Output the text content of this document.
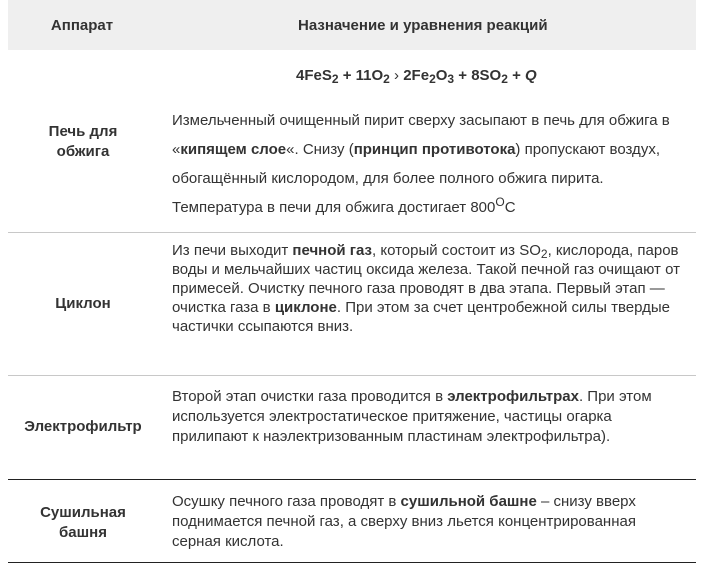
Аппарат	Назначение и уравнения реакций
$4FeS_2 + 11O_2$ › $2Fe_2O_3 + 8SO_2 + Q$
Печь для
обжига
Измельченный очищенный пирит сверху засыпают в печь для обжига в «кипящем слое«. Снизу (принцип противотока) пропускают воздух, обогащённый кислородом, для более полного обжига пирита. Температура в печи для обжига достигает $800^OC$
Циклон
Из печи выходит печной газ, который состоит из $SO_2$, кислорода, паров воды и мельчайших частиц оксида железа. Такой печной газ очищают от примесей. Очистку печного газа проводят в два этапа. Первый этап — очистка газа в циклоне. При этом за счет центробежной силы твердые частички ссыпаются вниз.
Электрофильтр
Второй этап очистки газа проводится в электрофильтрах. При этом используется электростатическое притяжение, частицы огарка прилипают к наэлектризованным пластинам электрофильтра).
Сушильная
башня
Осушку печного газа проводят в сушильной башне – снизу вверх поднимается печной газ, а сверху вниз льется концентрированная серная кислота.
